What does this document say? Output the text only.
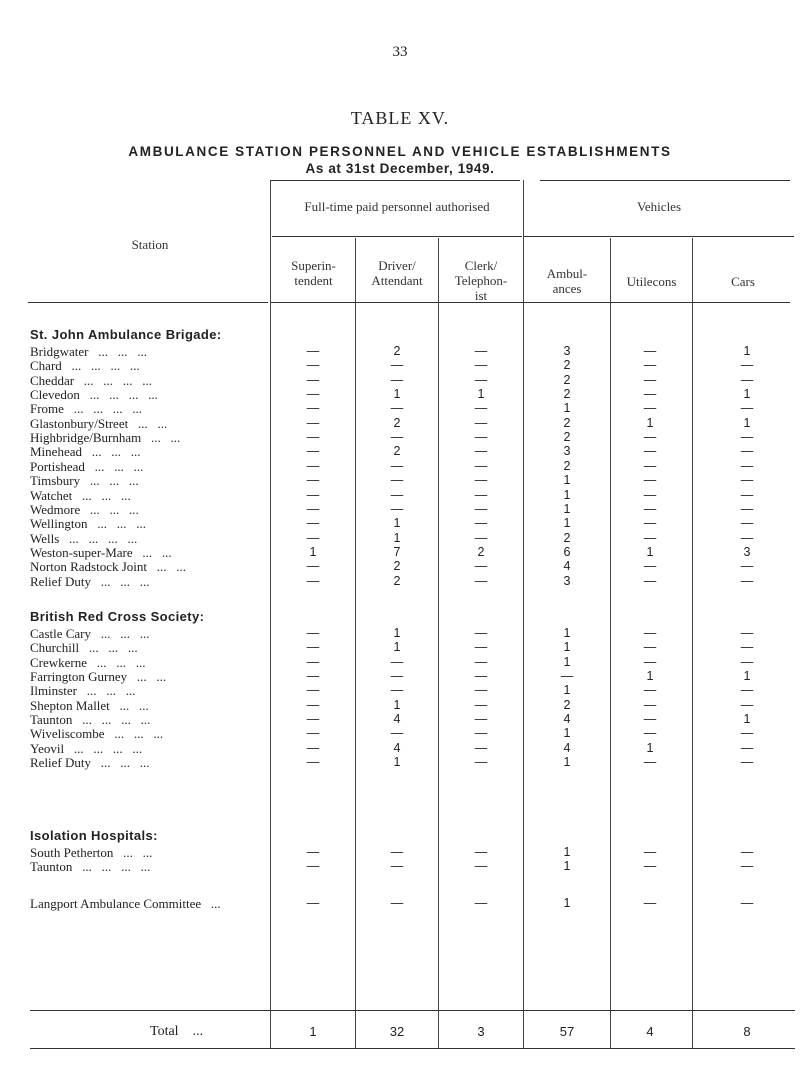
33
TABLE XV.
AMBULANCE STATION PERSONNEL AND VEHICLE ESTABLISHMENTS
As at 31st December, 1949.
Station
Full-time paid personnel authorised	Vehicles
Superin-
tendent
Driver/
Attendant
Clerk/
Telephon-
ist
Ambul-
ances	Utilecons	Cars
St. John Ambulance Brigade:
British Red Cross Society:
Isolation Hospitals:
Bridgwater ...   ...   ...	—	2	—	3	—	1
Chard ...   ...   ...   ...	—	—	—	2	—	—
Cheddar ...   ...   ...   ...	—	—	—	2	—	—
Clevedon ...   ...   ...   ...	—	1	1	2	—	1
Frome ...   ...   ...   ...	—	—	—	1	—	—
Glastonbury/Street ...   ...	—	2	—	2	1	1
Highbridge/Burnham ...   ...	—	—	—	2	—	—
Minehead ...   ...   ...	—	2	—	3	—	—
Portishead ...   ...   ...	—	—	—	2	—	—
Timsbury ...   ...   ...	—	—	—	1	—	—
Watchet ...   ...   ...	—	—	—	1	—	—
Wedmore ...   ...   ...	—	—	—	1	—	—
Wellington ...   ...   ...	—	1	—	1	—	—
Wells ...   ...   ...   ...	—	1	—	2	—	—
Weston-super-Mare ...   ...	1	7	2	6	1	3
Norton Radstock Joint ...   ...	—	2	—	4	—	—
Relief Duty ...   ...   ...	—	2	—	3	—	—
Castle Cary ...   ...   ...	—	1	—	1	—	—
Churchill ...   ...   ...	—	1	—	1	—	—
Crewkerne ...   ...   ...	—	—	—	1	—	—
Farrington Gurney ...   ...	—	—	—	—	1	1
Ilminster ...   ...   ...	—	—	—	1	—	—
Shepton Mallet ...   ...	—	1	—	2	—	—
Taunton ...   ...   ...   ...	—	4	—	4	—	1
Wiveliscombe ...   ...   ...	—	—	—	1	—	—
Yeovil ...   ...   ...   ...	—	4	—	4	1	—
Relief Duty ...   ...   ...	—	1	—	1	—	—
South Petherton ...   ...	—	—	—	1	—	—
Taunton ...   ...   ...   ...	—	—	—	1	—	—
Langport Ambulance Committee ...	—	—	—	1	—	—
Total ...	1	32	3	57	4	8
